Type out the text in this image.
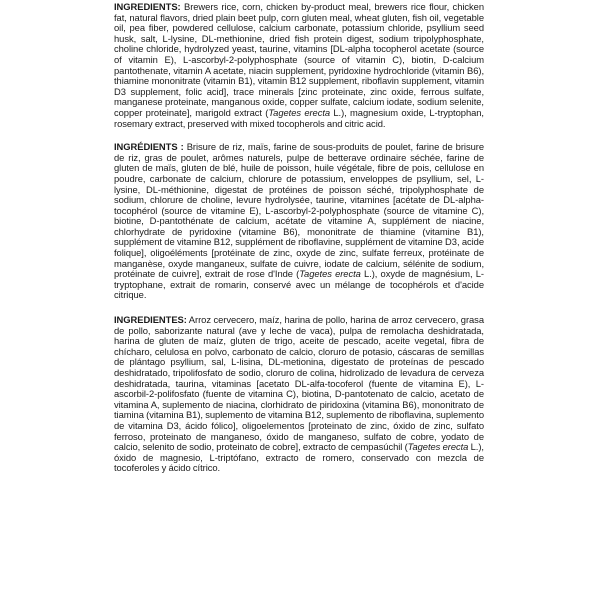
INGREDIENTS: Brewers rice, corn, chicken by-product meal, brewers rice flour, chicken fat, natural flavors, dried plain beet pulp, corn gluten meal, wheat gluten, fish oil, vegetable oil, pea fiber, powdered cellulose, calcium carbonate, potassium chloride, psyllium seed husk, salt, L-lysine, DL-methionine, dried fish protein digest, sodium tripolyphosphate, choline chloride, hydrolyzed yeast, taurine, vitamins [DL-alpha tocopherol acetate (source of vitamin E), L-ascorbyl-2-polyphosphate (source of vitamin C), biotin, D-calcium pantothenate, vitamin A acetate, niacin supplement, pyridoxine hydrochloride (vitamin B6), thiamine mononitrate (vitamin B1), vitamin B12 supplement, riboflavin supplement, vitamin D3 supplement, folic acid], trace minerals [zinc proteinate, zinc oxide, ferrous sulfate, manganese proteinate, manganous oxide, copper sulfate, calcium iodate, sodium selenite, copper proteinate], marigold extract (Tagetes erecta L.), magnesium oxide, L-tryptophan, rosemary extract, preserved with mixed tocopherols and citric acid.

INGRÉDIENTS : Brisure de riz, maïs, farine de sous-produits de poulet, farine de brisure de riz, gras de poulet, arômes naturels, pulpe de betterave ordinaire séchée, farine de gluten de maïs, gluten de blé, huile de poisson, huile végétale, fibre de pois, cellulose en poudre, carbonate de calcium, chlorure de potassium, enveloppes de psyllium, sel, L-lysine, DL-méthionine, digestat de protéines de poisson séché, tripolyphosphate de sodium, chlorure de choline, levure hydrolysée, taurine, vitamines [acétate de DL-alpha-tocophérol (source de vitamine E), L-ascorbyl-2-polyphosphate (source de vitamine C), biotine, D-pantothénate de calcium, acétate de vitamine A, supplément de niacine, chlorhydrate de pyridoxine (vitamine B6), mononitrate de thiamine (vitamine B1), supplément de vitamine B12, supplément de riboflavine, supplément de vitamine D3, acide folique], oligoéléments [protéinate de zinc, oxyde de zinc, sulfate ferreux, protéinate de manganèse, oxyde manganeux, sulfate de cuivre, iodate de calcium, sélénite de sodium, protéinate de cuivre], extrait de rose d'Inde (Tagetes erecta L.), oxyde de magnésium, L-tryptophane, extrait de romarin, conservé avec un mélange de tocophérols et d'acide citrique.

INGREDIENTES: Arroz cervecero, maíz, harina de pollo, harina de arroz cervecero, grasa de pollo, saborizante natural (ave y leche de vaca), pulpa de remolacha deshidratada, harina de gluten de maíz, gluten de trigo, aceite de pescado, aceite vegetal, fibra de chícharo, celulosa en polvo, carbonato de calcio, cloruro de potasio, cáscaras de semillas de plántago psyllium, sal, L-lisina, DL-metionina, digestato de proteínas de pescado deshidratado, tripolifosfato de sodio, cloruro de colina, hidrolizado de levadura de cerveza deshidratada, taurina, vitaminas [acetato DL-alfa-tocoferol (fuente de vitamina E), L-ascorbil-2-polifosfato (fuente de vitamina C), biotina, D-pantotenato de calcio, acetato de vitamina A, suplemento de niacina, clorhidrato de piridoxina (vitamina B6), mononitrato de tiamina (vitamina B1), suplemento de vitamina B12, suplemento de riboflavina, suplemento de vitamina D3, ácido fólico], oligoelementos [proteinato de zinc, óxido de zinc, sulfato ferroso, proteinato de manganeso, óxido de manganeso, sulfato de cobre, yodato de calcio, selenito de sodio, proteinato de cobre], extracto de cempasúchil (Tagetes erecta L.), óxido de magnesio, L-triptófano, extracto de romero, conservado con mezcla de tocoferoles y ácido cítrico.
